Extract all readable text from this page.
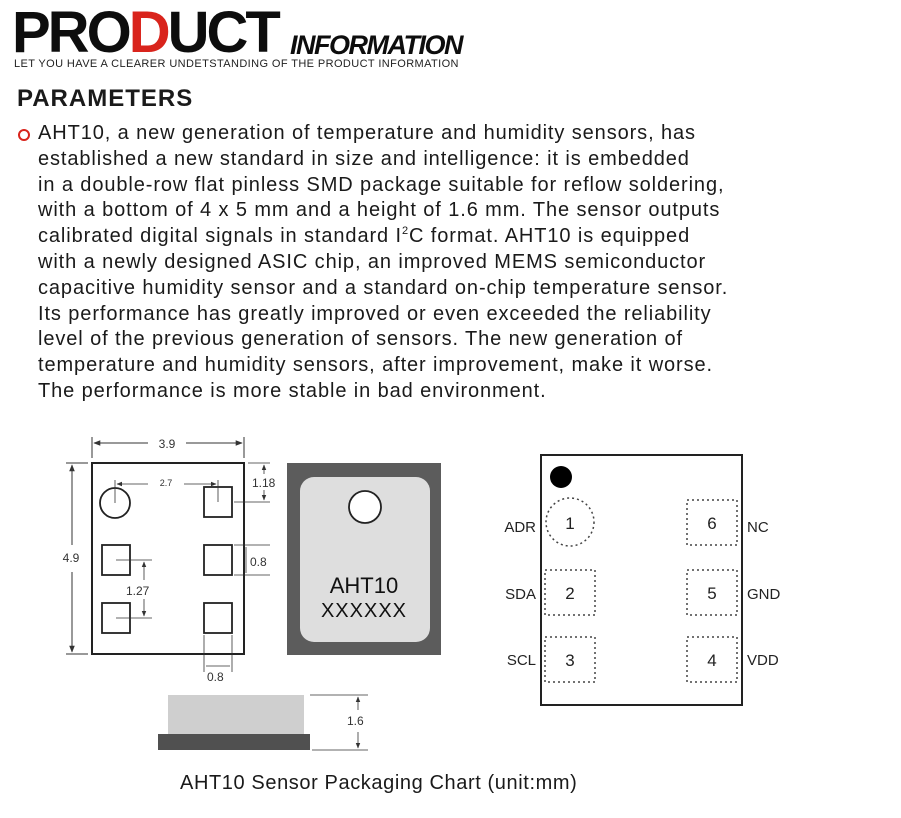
PRODUCT INFORMATION
LET YOU HAVE A CLEARER UNDETSTANDING OF THE PRODUCT INFORMATION
PARAMETERS
AHT10, a new generation of temperature and humidity sensors, has
established a new standard in size and intelligence: it is embedded
in a double-row flat pinless SMD package suitable for reflow soldering,
with a bottom of 4 x 5 mm and a height of 1.6 mm. The sensor outputs
calibrated digital signals in standard $I^2C$ format. AHT10 is equipped
with a newly designed ASIC chip, an improved MEMS semiconductor
capacitive humidity sensor and a standard on-chip temperature sensor.
Its performance has greatly improved or even exceeded the reliability
level of the previous generation of sensors. The new generation of
temperature and humidity sensors, after improvement, make it worse.
The performance is more stable in bad environment.
3.9
4.9
2.7	1.18
0.8
1.27
0.8
AHT10
XXXXXX
1.6
1
2
3
6
5
4
ADR
SDA
SCL
NC
GND
VDD
AHT10 Sensor Packaging Chart (unit:mm)
